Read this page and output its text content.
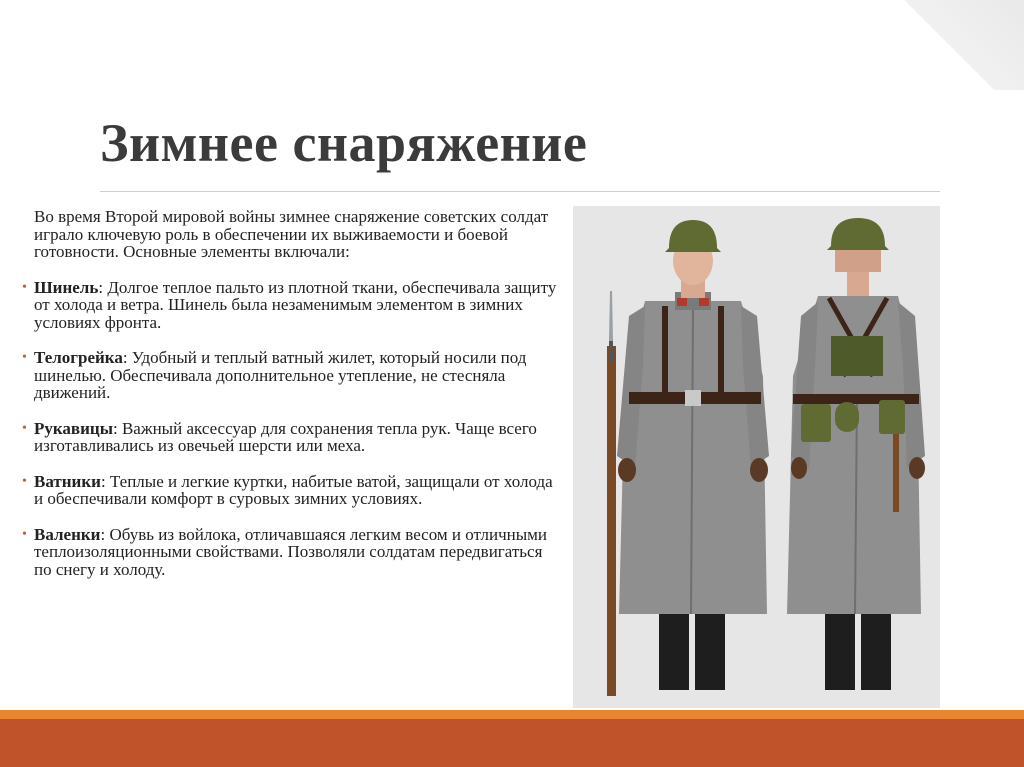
Зимнее снаряжение

Во время Второй мировой войны зимнее снаряжение советских солдат играло ключевую роль в обеспечении их выживаемости и боевой готовности. Основные элементы включали:

• Шинель: Долгое теплое пальто из плотной ткани, обеспечивала защиту от холода и ветра. Шинель была незаменимым элементом в зимних условиях фронта.
• Телогрейка: Удобный и теплый ватный жилет, который носили под шинелью. Обеспечивала дополнительное утепление, не стесняла движений.
• Рукавицы: Важный аксессуар для сохранения тепла рук. Чаще всего изготавливались из овечьей шерсти или меха.
• Ватники: Теплые и легкие куртки, набитые ватой, защищали от холода и обеспечивали комфорт в суровых зимних условиях.
• Валенки: Обувь из войлока, отличавшаяся легким весом и отличными теплоизоляционными свойствами. Позволяли солдатам передвигаться по снегу и холоду.
